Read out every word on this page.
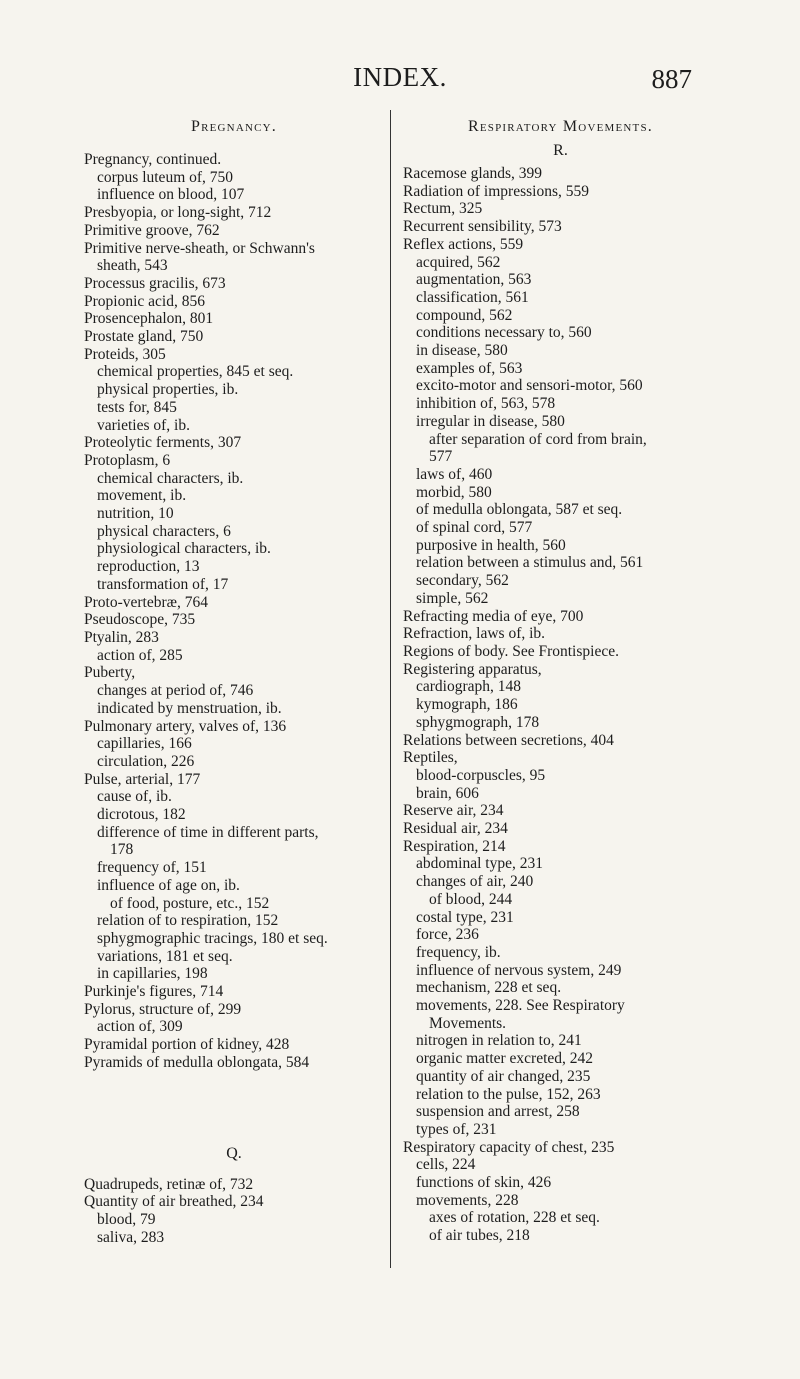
INDEX.	887
Pregnancy.
Pregnancy, continued.
corpus luteum of, 750
influence on blood, 107
Presbyopia, or long-sight, 712
Primitive groove, 762
Primitive nerve-sheath, or Schwann's
sheath, 543
Processus gracilis, 673
Propionic acid, 856
Prosencephalon, 801
Prostate gland, 750
Proteids, 305
chemical properties, 845 et seq.
physical properties, ib.
tests for, 845
varieties of, ib.
Proteolytic ferments, 307
Protoplasm, 6
chemical characters, ib.
movement, ib.
nutrition, 10
physical characters, 6
physiological characters, ib.
reproduction, 13
transformation of, 17
Proto-vertebræ, 764
Pseudoscope, 735
Ptyalin, 283
action of, 285
Puberty,
changes at period of, 746
indicated by menstruation, ib.
Pulmonary artery, valves of, 136
capillaries, 166
circulation, 226
Pulse, arterial, 177
cause of, ib.
dicrotous, 182
difference of time in different parts,
178
frequency of, 151
influence of age on, ib.
of food, posture, etc., 152
relation of to respiration, 152
sphygmographic tracings, 180 et seq.
variations, 181 et seq.
in capillaries, 198
Purkinje's figures, 714
Pylorus, structure of, 299
action of, 309
Pyramidal portion of kidney, 428
Pyramids of medulla oblongata, 584
Q.
Quadrupeds, retinæ of, 732
Quantity of air breathed, 234
blood, 79
saliva, 283
Respiratory Movements.
R.
Racemose glands, 399
Radiation of impressions, 559
Rectum, 325
Recurrent sensibility, 573
Reflex actions, 559
acquired, 562
augmentation, 563
classification, 561
compound, 562
conditions necessary to, 560
in disease, 580
examples of, 563
excito-motor and sensori-motor, 560
inhibition of, 563, 578
irregular in disease, 580
after separation of cord from brain,
577
laws of, 460
morbid, 580
of medulla oblongata, 587 et seq.
of spinal cord, 577
purposive in health, 560
relation between a stimulus and, 561
secondary, 562
simple, 562
Refracting media of eye, 700
Refraction, laws of, ib.
Regions of body. See Frontispiece.
Registering apparatus,
cardiograph, 148
kymograph, 186
sphygmograph, 178
Relations between secretions, 404
Reptiles,
blood-corpuscles, 95
brain, 606
Reserve air, 234
Residual air, 234
Respiration, 214
abdominal type, 231
changes of air, 240
of blood, 244
costal type, 231
force, 236
frequency, ib.
influence of nervous system, 249
mechanism, 228 et seq.
movements, 228. See Respiratory
Movements.
nitrogen in relation to, 241
organic matter excreted, 242
quantity of air changed, 235
relation to the pulse, 152, 263
suspension and arrest, 258
types of, 231
Respiratory capacity of chest, 235
cells, 224
functions of skin, 426
movements, 228
axes of rotation, 228 et seq.
of air tubes, 218
